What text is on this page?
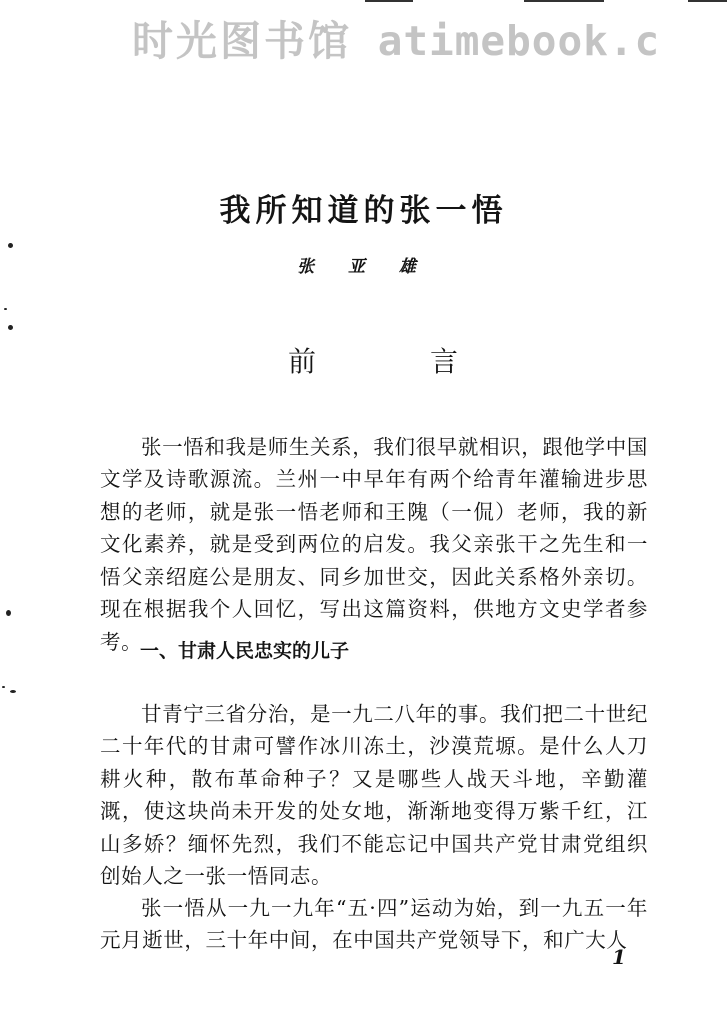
时光图书馆 atimebook.c
我所知道的张一悟
张 亚 雄
前	言

张一悟和我是师生关系，我们很早就相识，跟他学中国文学及诗歌源流。兰州一中早年有两个给青年灌输进步思想的老师，就是张一悟老师和王隗（一侃）老师，我的新文化素养，就是受到两位的启发。我父亲张干之先生和一悟父亲绍庭公是朋友、同乡加世交，因此关系格外亲切。现在根据我个人回忆，写出这篇资料，供地方文史学者参考。

一、甘肃人民忠实的儿子

甘青宁三省分治，是一九二八年的事。我们把二十世纪二十年代的甘肃可譬作冰川冻土，沙漠荒塬。是什么人刀耕火种，散布革命种子？又是哪些人战天斗地，辛勤灌溉，使这块尚未开发的处女地，渐渐地变得万紫千红，江山多娇？缅怀先烈，我们不能忘记中国共产党甘肃党组织创始人之一张一悟同志。

张一悟从一九一九年“五·四”运动为始，到一九五一年元月逝世，三十年中间，在中国共产党领导下，和广大人

1
